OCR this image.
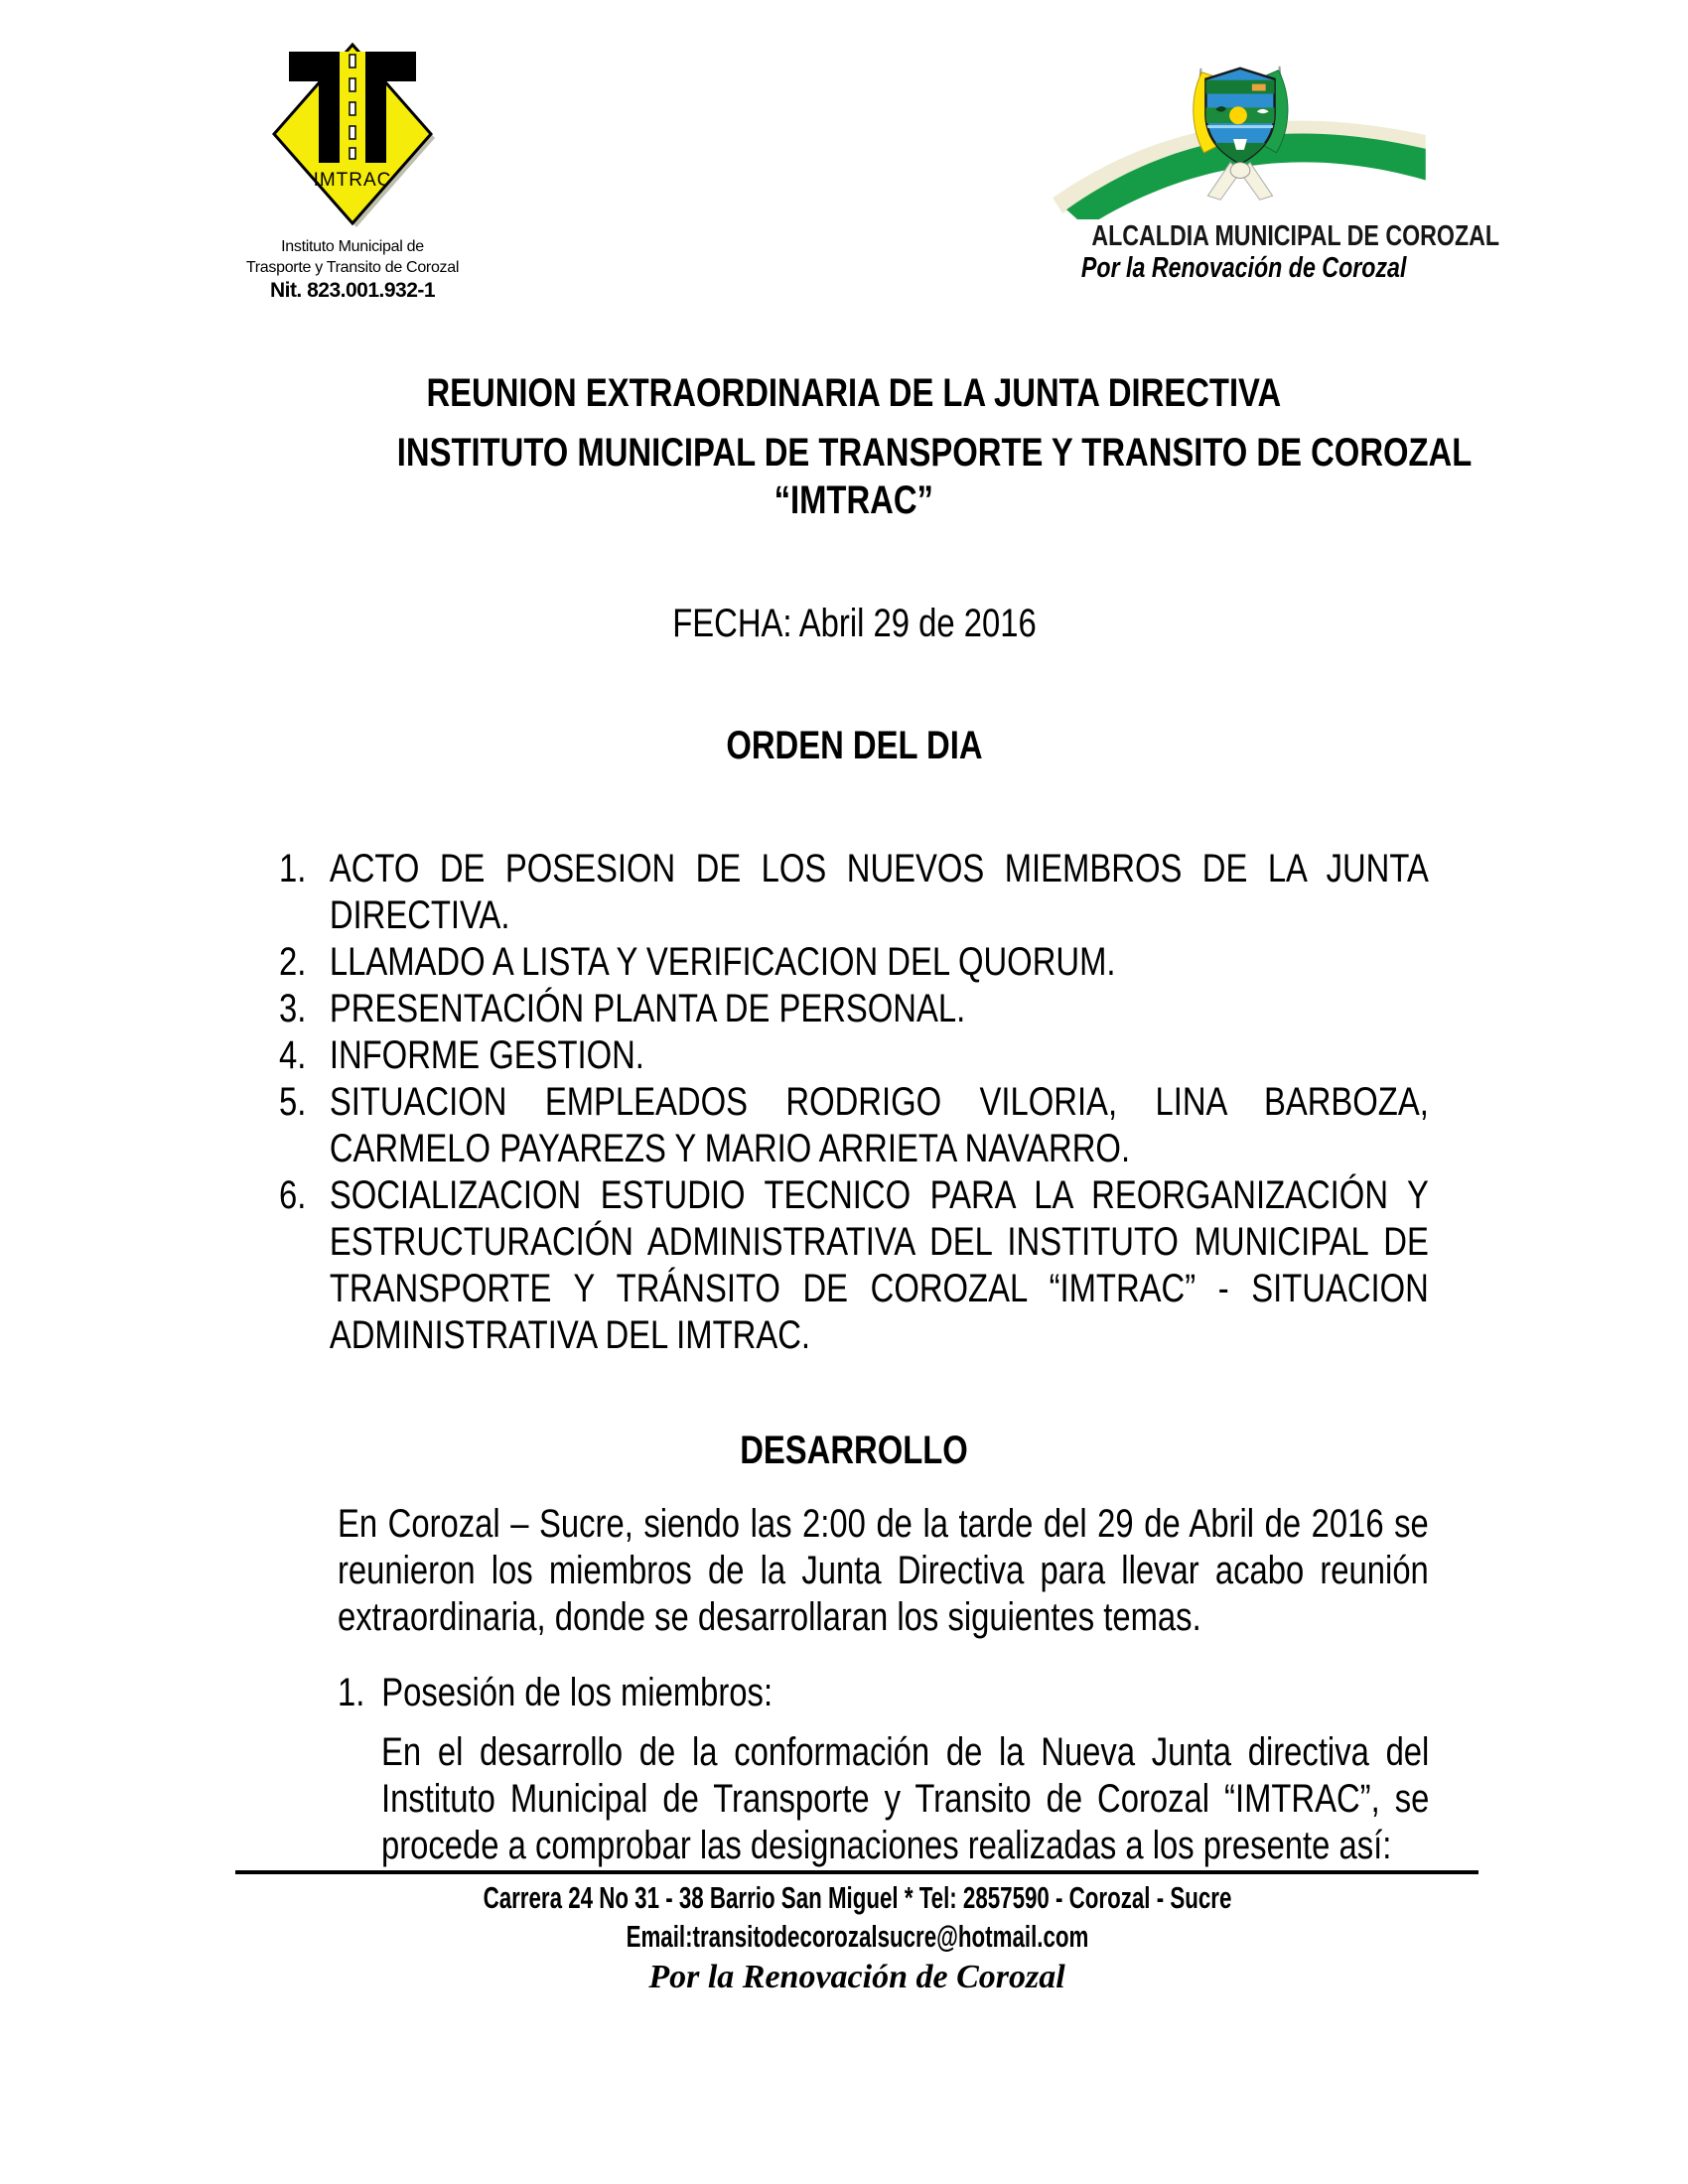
IMTRAC
Instituto Municipal de
Trasporte y Transito de Corozal
Nit. 823.001.932-1
ALCALDIA MUNICIPAL DE COROZAL
Por la Renovación de Corozal
REUNION EXTRAORDINARIA DE LA JUNTA DIRECTIVA
INSTITUTO MUNICIPAL DE TRANSPORTE Y TRANSITO DE COROZAL
“IMTRAC”
FECHA: Abril 29 de 2016
ORDEN DEL DIA
1. ACTO DE POSESION DE LOS NUEVOS MIEMBROS DE LA JUNTA DIRECTIVA.
2. LLAMADO A LISTA Y VERIFICACION DEL QUORUM.
3. PRESENTACIÓN PLANTA DE PERSONAL.
4. INFORME GESTION.
5. SITUACION EMPLEADOS RODRIGO VILORIA, LINA BARBOZA, CARMELO PAYAREZS Y MARIO ARRIETA NAVARRO.
6. SOCIALIZACION ESTUDIO TECNICO PARA LA REORGANIZACIÓN Y ESTRUCTURACIÓN ADMINISTRATIVA DEL INSTITUTO MUNICIPAL DE TRANSPORTE Y TRÁNSITO DE COROZAL “IMTRAC” - SITUACION ADMINISTRATIVA DEL IMTRAC.
DESARROLLO
En Corozal – Sucre, siendo las 2:00 de la tarde del 29 de Abril de 2016 se reunieron los miembros de la Junta Directiva para llevar acabo reunión extraordinaria, donde se desarrollaran los siguientes temas.
1. Posesión de los miembros:
En el desarrollo de la conformación de la Nueva Junta directiva del Instituto Municipal de Transporte y Transito de Corozal “IMTRAC”, se procede a comprobar las designaciones realizadas a los presente así:
Carrera 24 No 31 - 38 Barrio San Miguel * Tel: 2857590 - Corozal - Sucre
Email:transitodecorozalsucre@hotmail.com
Por la Renovación de Corozal
